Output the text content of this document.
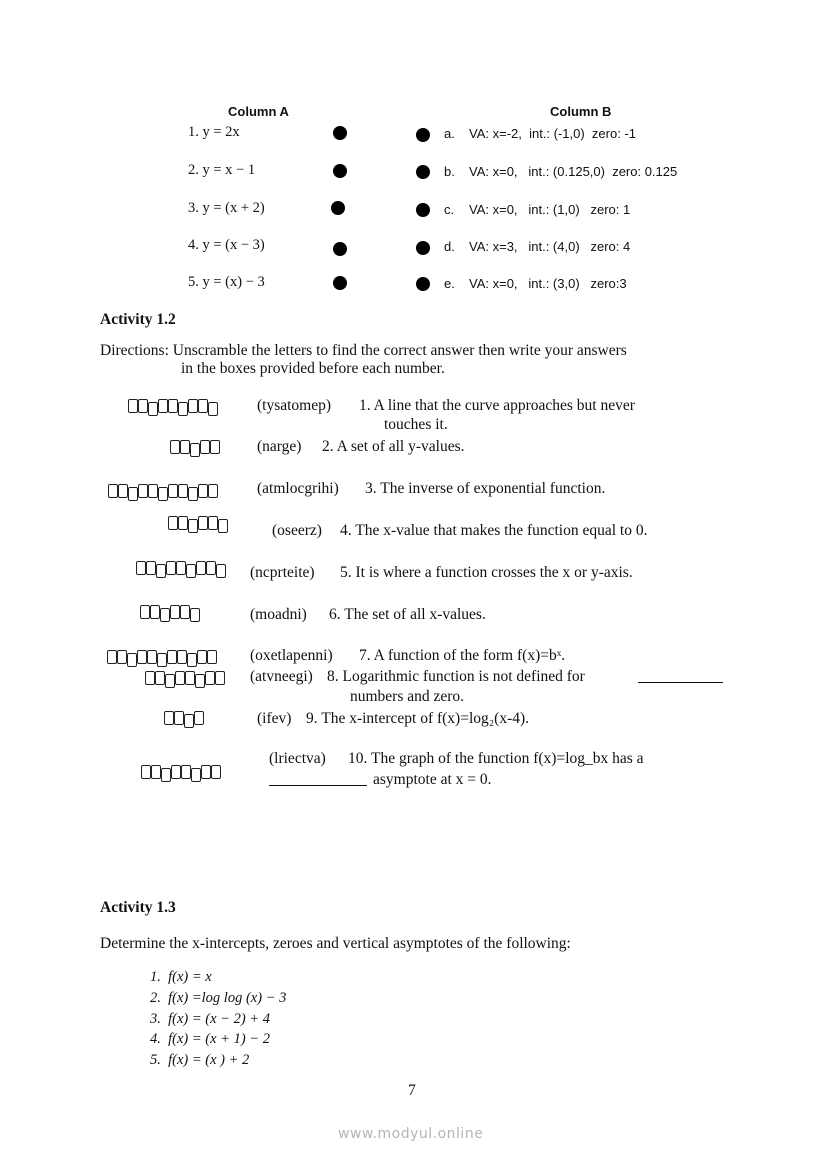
Column A	Column B
1. y = 2x
2. y = x − 1
3. y = (x + 2)
4. y = (x − 3)
5. y = (x) − 3
a. VA: x=-2,  int.: (-1,0)  zero: -1
b. VA: x=0,   int.: (0.125,0)  zero: 0.125
c. VA: x=0,   int.: (1,0)   zero: 1
d. VA: x=3,   int.: (4,0)   zero: 4
e. VA: x=0,   int.: (3,0)   zero:3
Activity 1.2
Directions: Unscramble the letters to find the correct answer then write your answers
in the boxes provided before each number.
(tysatomep) 1. A line that the curve approaches but never
touches it.
(narge) 2. A set of all y-values.
(atmlocgrihi) 3. The inverse of exponential function.
(oseerz) 4. The x-value that makes the function equal to 0.
(ncprteite) 5. It is where a function crosses the x or y-axis.
(moadni) 6. The set of all x-values.
(oxetlapenni) 7. A function of the form f(x)=bˣ.
(atvneegi) 8. Logarithmic function is not defined for
numbers and zero.
(ifev) 9. The x-intercept of f(x)=log₂(x-4).
(lriectva) 10. The graph of the function f(x)=log_bx has a
asymptote at x = 0.
Activity 1.3
Determine the x-intercepts, zeroes and vertical asymptotes of the following:
1.  f(x) = x
2.  f(x) =log log (x) − 3
3.  f(x) = (x − 2) + 4
4.  f(x) = (x + 1) − 2
5.  f(x) = (x ) + 2
7
www.modyul.online
